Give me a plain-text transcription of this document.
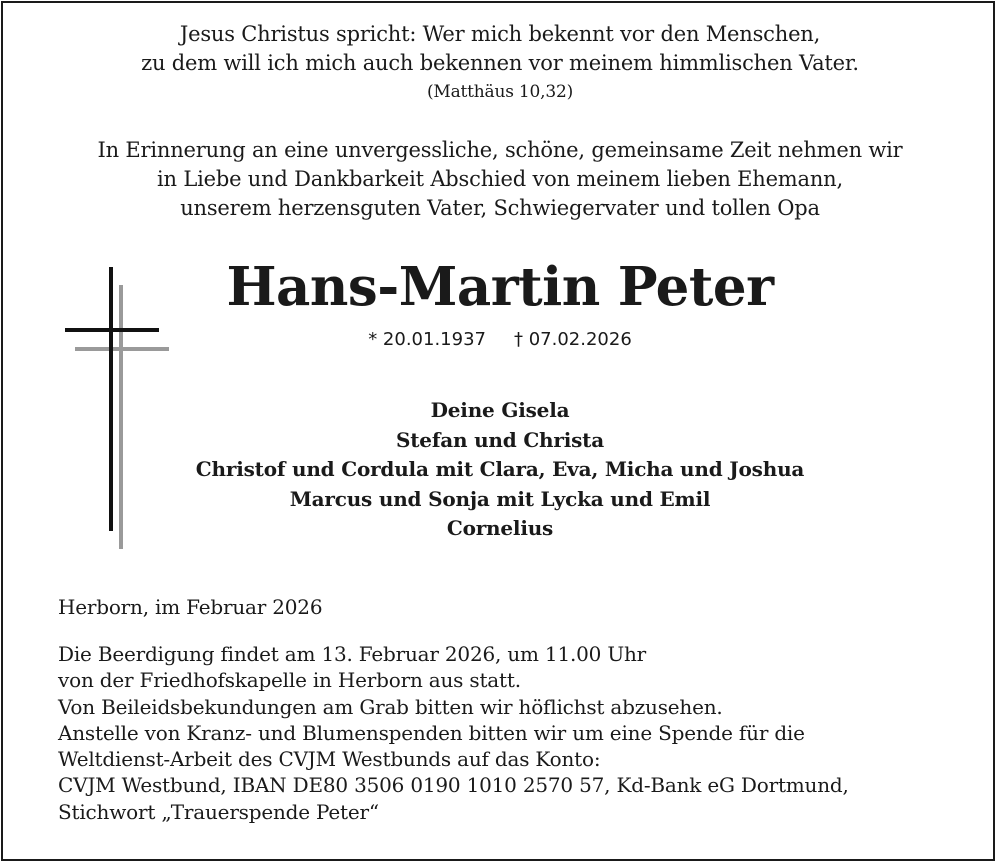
Jesus Christus spricht: Wer mich bekennt vor den Menschen,
zu dem will ich mich auch bekennen vor meinem himmlischen Vater.
(Matthäus 10,32)
In Erinnerung an eine unvergessliche, schöne, gemeinsame Zeit nehmen wir
in Liebe und Dankbarkeit Abschied von meinem lieben Ehemann,
unserem herzensguten Vater, Schwiegervater und tollen Opa
Hans-Martin Peter
* 20.01.1937 † 07.02.2026
Deine Gisela
Stefan und Christa
Christof und Cordula mit Clara, Eva, Micha und Joshua
Marcus und Sonja mit Lycka und Emil
Cornelius
Herborn, im Februar 2026
Die Beerdigung findet am 13. Februar 2026, um 11.00 Uhr
von der Friedhofskapelle in Herborn aus statt.
Von Beileidsbekundungen am Grab bitten wir höflichst abzusehen.
Anstelle von Kranz- und Blumenspenden bitten wir um eine Spende für die
Weltdienst-Arbeit des CVJM Westbunds auf das Konto:
CVJM Westbund, IBAN DE80 3506 0190 1010 2570 57, Kd-Bank eG Dortmund,
Stichwort „Trauerspende Peter“
